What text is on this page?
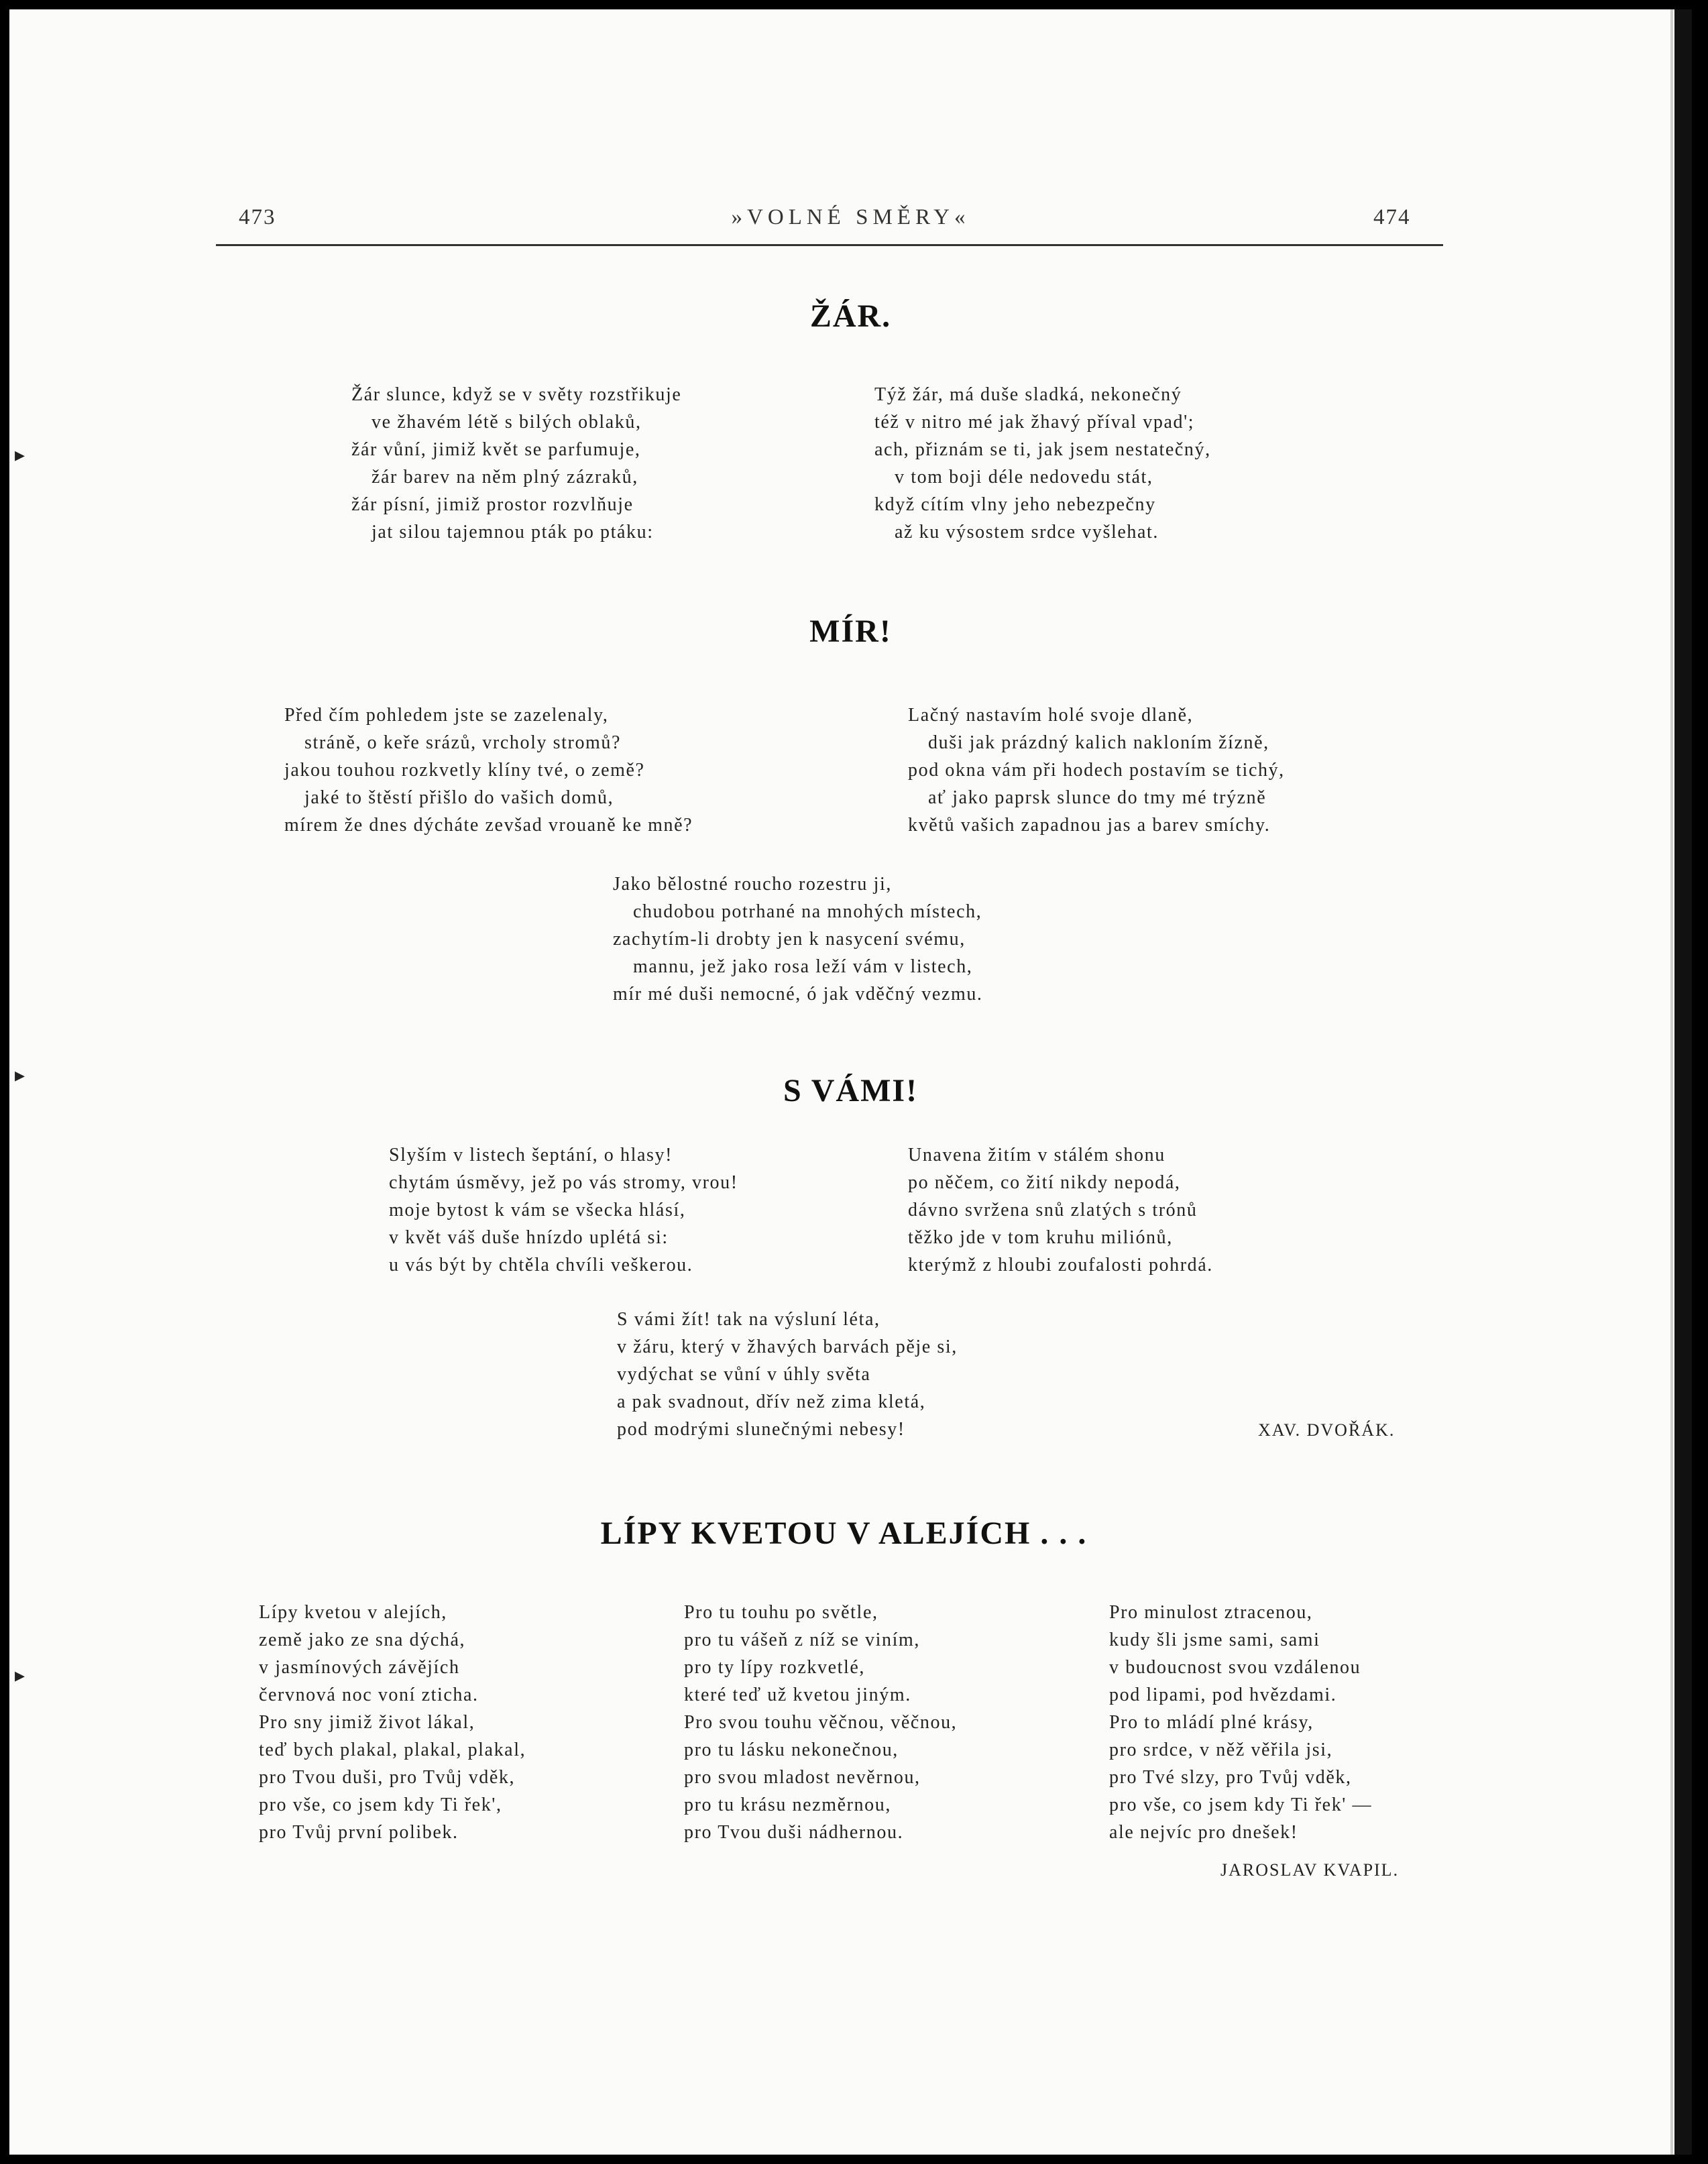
▸
▸
▸
»VOLNÉ SMĚRY«
473	474
ŽÁR.
Žár slunce, když se v světy rozstřikuje
ve žhavém létě s bilých oblaků,
žár vůní, jimiž květ se parfumuje,
žár barev na něm plný zázraků,
žár písní, jimiž prostor rozvlňuje
jat silou tajemnou pták po ptáku:
Týž žár, má duše sladká, nekonečný
též v nitro mé jak žhavý příval vpad';
ach, přiznám se ti, jak jsem nestatečný,
v tom boji déle nedovedu stát,
když cítím vlny jeho nebezpečny
až ku výsostem srdce vyšlehat.
MÍR!
Před čím pohledem jste se zazelenaly,
stráně, o keře srázů, vrcholy stromů?
jakou touhou rozkvetly klíny tvé, o země?
jaké to štěstí přišlo do vašich domů,
mírem že dnes dýcháte zevšad vrouaně ke mně?
Lačný nastavím holé svoje dlaně,
duši jak prázdný kalich nakloním žízně,
pod okna vám při hodech postavím se tichý,
ať jako paprsk slunce do tmy mé trýzně
květů vašich zapadnou jas a barev smíchy.
Jako bělostné roucho rozestru ji,
chudobou potrhané na mnohých místech,
zachytím-li drobty jen k nasycení svému,
mannu, jež jako rosa leží vám v listech,
mír mé duši nemocné, ó jak vděčný vezmu.
S VÁMI!
Slyším v listech šeptání, o hlasy!
chytám úsměvy, jež po vás stromy, vrou!
moje bytost k vám se všecka hlásí,
v květ váš duše hnízdo uplétá si:
u vás být by chtěla chvíli veškerou.
Unavena žitím v stálém shonu
po něčem, co žití nikdy nepodá,
dávno svržena snů zlatých s trónů
těžko jde v tom kruhu miliónů,
kterýmž z hloubi zoufalosti pohrdá.
S vámi žít! tak na výsluní léta,
v žáru, který v žhavých barvách pěje si,
vydýchat se vůní v úhly světa
a pak svadnout, dřív než zima kletá,
pod modrými slunečnými nebesy!	XAV. DVOŘÁK.
LÍPY KVETOU V ALEJÍCH . . .
Lípy kvetou v alejích,
země jako ze sna dýchá,
v jasmínových závějích
červnová noc voní zticha.
Pro sny jimiž život lákal,
teď bych plakal, plakal, plakal,
pro Tvou duši, pro Tvůj vděk,
pro vše, co jsem kdy Ti řek',
pro Tvůj první polibek.
Pro tu touhu po světle,
pro tu vášeň z níž se viním,
pro ty lípy rozkvetlé,
které teď už kvetou jiným.
Pro svou touhu věčnou, věčnou,
pro tu lásku nekonečnou,
pro svou mladost nevěrnou,
pro tu krásu nezměrnou,
pro Tvou duši nádhernou.
Pro minulost ztracenou,
kudy šli jsme sami, sami
v budoucnost svou vzdálenou
pod lipami, pod hvězdami.
Pro to mládí plné krásy,
pro srdce, v něž věřila jsi,
pro Tvé slzy, pro Tvůj vděk,
pro vše, co jsem kdy Ti řek' —
ale nejvíc pro dnešek!
JAROSLAV KVAPIL.
